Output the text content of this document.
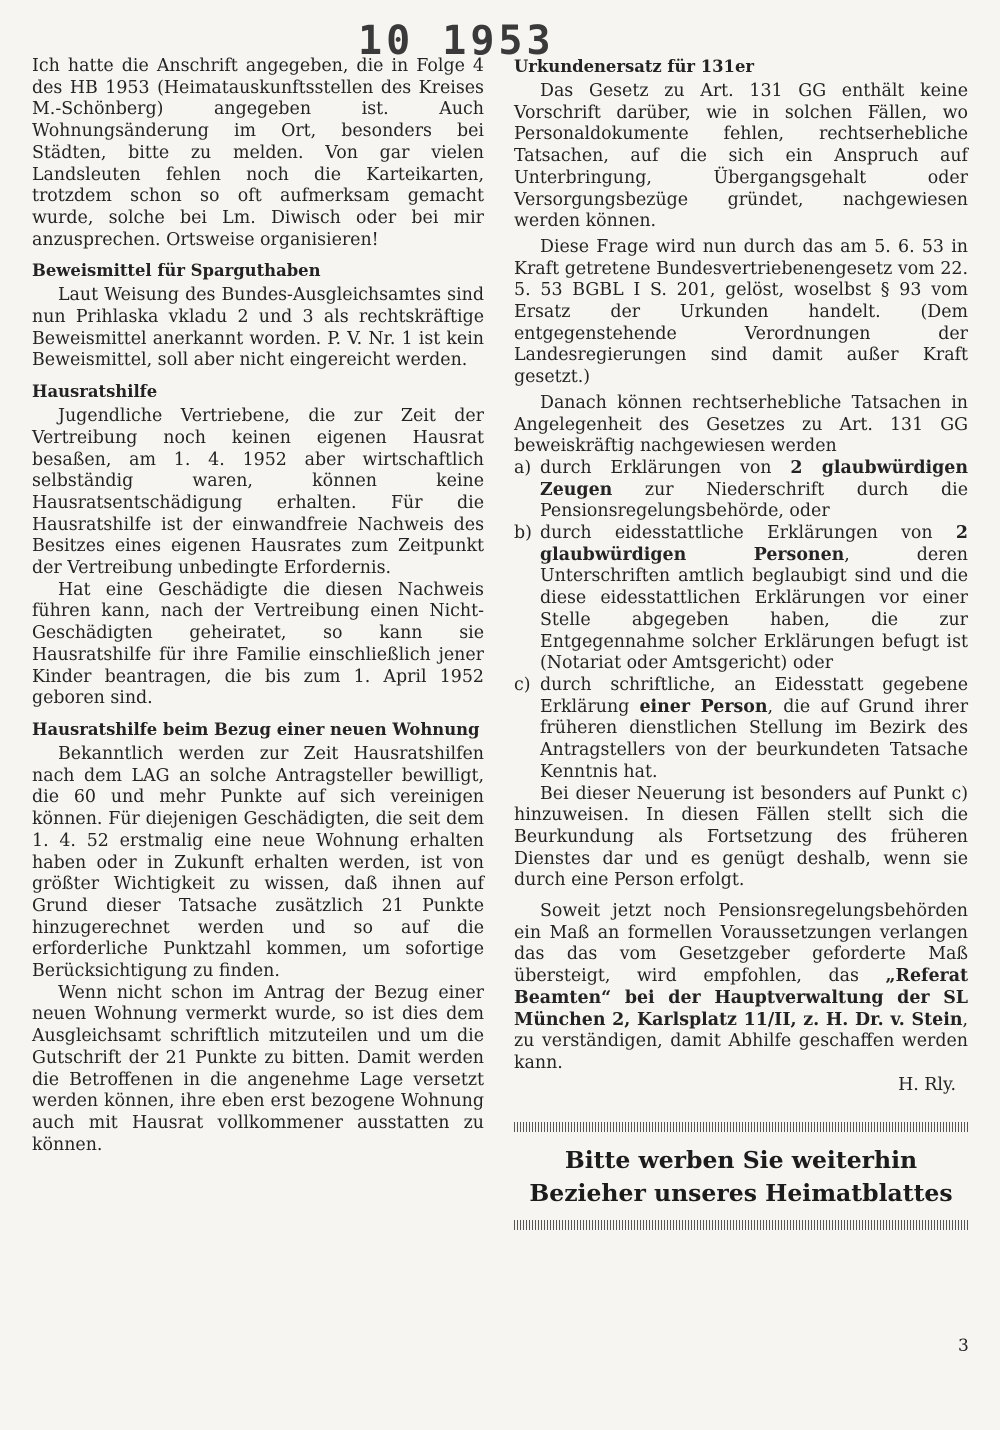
10 1953

Ich hatte die Anschrift angegeben, die in Folge 4 des HB 1953 (Heimatauskunftsstellen des Kreises M.-Schönberg) angegeben ist. Auch Wohnungsänderung im Ort, besonders bei Städten, bitte zu melden. Von gar vielen Landsleuten fehlen noch die Karteikarten, trotzdem schon so oft aufmerksam gemacht wurde, solche bei Lm. Diwisch oder bei mir anzusprechen. Ortsweise organisieren!

Beweismittel für Sparguthaben

Laut Weisung des Bundes-Ausgleichsamtes sind nun Prihlaska vkladu 2 und 3 als rechtskräftige Beweismittel anerkannt worden. P. V. Nr. 1 ist kein Beweismittel, soll aber nicht eingereicht werden.

Hausratshilfe

Jugendliche Vertriebene, die zur Zeit der Vertreibung noch keinen eigenen Hausrat besaßen, am 1. 4. 1952 aber wirtschaftlich selbständig waren, können keine Hausratsentschädigung erhalten. Für die Hausratshilfe ist der einwandfreie Nachweis des Besitzes eines eigenen Hausrates zum Zeitpunkt der Vertreibung unbedingte Erfordernis.

Hat eine Geschädigte die diesen Nachweis führen kann, nach der Vertreibung einen Nicht-Geschädigten geheiratet, so kann sie Hausratshilfe für ihre Familie einschließlich jener Kinder beantragen, die bis zum 1. April 1952 geboren sind.

Hausratshilfe beim Bezug einer neuen Wohnung

Bekanntlich werden zur Zeit Hausratshilfen nach dem LAG an solche Antragsteller bewilligt, die 60 und mehr Punkte auf sich vereinigen können. Für diejenigen Geschädigten, die seit dem 1. 4. 52 erstmalig eine neue Wohnung erhalten haben oder in Zukunft erhalten werden, ist von größter Wichtigkeit zu wissen, daß ihnen auf Grund dieser Tatsache zusätzlich 21 Punkte hinzugerechnet werden und so auf die erforderliche Punktzahl kommen, um sofortige Berücksichtigung zu finden.

Wenn nicht schon im Antrag der Bezug einer neuen Wohnung vermerkt wurde, so ist dies dem Ausgleichsamt schriftlich mitzuteilen und um die Gutschrift der 21 Punkte zu bitten. Damit werden die Betroffenen in die angenehme Lage versetzt werden können, ihre eben erst bezogene Wohnung auch mit Hausrat vollkommener ausstatten zu können.

Urkundenersatz für 131er

Das Gesetz zu Art. 131 GG enthält keine Vorschrift darüber, wie in solchen Fällen, wo Personaldokumente fehlen, rechtserhebliche Tatsachen, auf die sich ein Anspruch auf Unterbringung, Übergangsgehalt oder Versorgungsbezüge gründet, nachgewiesen werden können.

Diese Frage wird nun durch das am 5. 6. 53 in Kraft getretene Bundesvertriebenengesetz vom 22. 5. 53 BGBL I S. 201, gelöst, woselbst § 93 vom Ersatz der Urkunden handelt. (Dem entgegenstehende Verordnungen der Landesregierungen sind damit außer Kraft gesetzt.)

Danach können rechtserhebliche Tatsachen in Angelegenheit des Gesetzes zu Art. 131 GG beweiskräftig nachgewiesen werden

a) durch Erklärungen von 2 glaubwürdigen Zeugen zur Niederschrift durch die Pensionsregelungsbehörde, oder
b) durch eidesstattliche Erklärungen von 2 glaubwürdigen Personen, deren Unterschriften amtlich beglaubigt sind und die diese eidesstattlichen Erklärungen vor einer Stelle abgegeben haben, die zur Entgegennahme solcher Erklärungen befugt ist (Notariat oder Amtsgericht) oder
c) durch schriftliche, an Eidesstatt gegebene Erklärung einer Person, die auf Grund ihrer früheren dienstlichen Stellung im Bezirk des Antragstellers von der beurkundeten Tatsache Kenntnis hat.

Bei dieser Neuerung ist besonders auf Punkt c) hinzuweisen. In diesen Fällen stellt sich die Beurkundung als Fortsetzung des früheren Dienstes dar und es genügt deshalb, wenn sie durch eine Person erfolgt.

Soweit jetzt noch Pensionsregelungsbehörden ein Maß an formellen Voraussetzungen verlangen das das vom Gesetzgeber geforderte Maß übersteigt, wird empfohlen, das „Referat Beamten“ bei der Hauptverwaltung der SL München 2, Karlsplatz 11/II, z. H. Dr. v. Stein, zu verständigen, damit Abhilfe geschaffen werden kann.

H. Rly.
Bitte werben Sie weiterhin
Bezieher unseres Heimatblattes
3
